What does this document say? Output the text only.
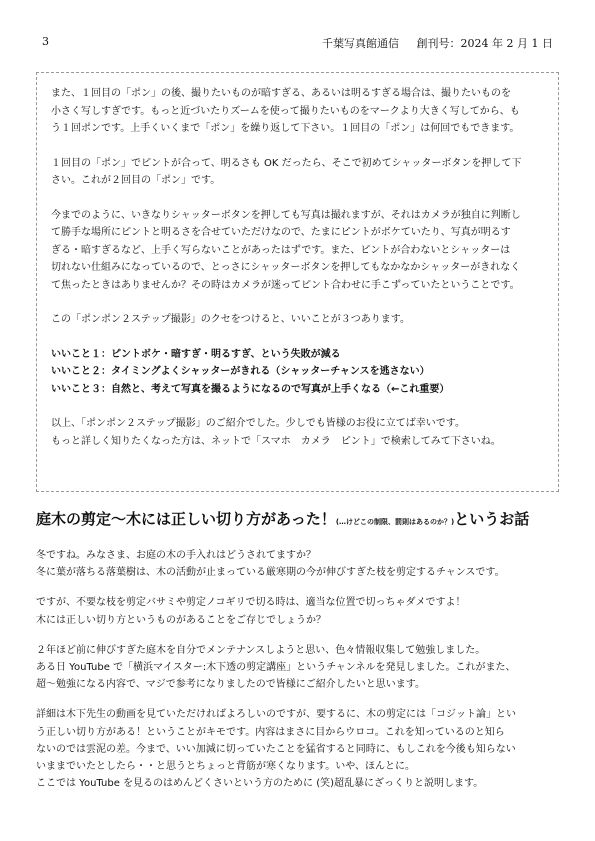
3	千葉写真館通信 創刊号：2024 年 2 月 1 日

また、１回目の「ポン」の後、撮りたいものが暗すぎる、あるいは明るすぎる場合は、撮りたいものを

小さく写しすぎです。もっと近づいたりズームを使って撮りたいものをマークより大きく写してから、も

う１回ポンです。上手くいくまで「ポン」を繰り返して下さい。１回目の「ポン」は何回でもできます。

１回目の「ポン」でピントが合って、明るさも OK だったら、そこで初めてシャッターボタンを押して下

さい。これが２回目の「ポン」です。

今までのように、いきなりシャッターボタンを押しても写真は撮れますが、それはカメラが独自に判断し

て勝手な場所にピントと明るさを合せていただけなので、たまにピントがボケていたり、写真が明るす

ぎる・暗すぎるなど、上手く写らないことがあったはずです。また、ピントが合わないとシャッターは

切れない仕組みになっているので、とっさにシャッターボタンを押してもなかなかシャッターがきれなく

て焦ったときはありませんか？その時はカメラが迷ってピント合わせに手こずっていたということです。

この「ポンポン２ステップ撮影」のクセをつけると、いいことが３つあります。

いいこと１：ピントボケ・暗すぎ・明るすぎ、という失敗が減る

いいこと２：タイミングよくシャッターがきれる（シャッターチャンスを逃さない）

いいこと３：自然と、考えて写真を撮るようになるので写真が上手くなる（←これ重要）

以上、「ポンポン２ステップ撮影」のご紹介でした。少しでも皆様のお役に立てば幸いです。

もっと詳しく知りたくなった方は、ネットで「スマホ　カメラ　ピント」で検索してみて下さいね。

庭木の剪定～木には正しい切り方があった！(…けどこの制限、罰則はあるのか？)というお話

冬ですね。みなさま、お庭の木の手入れはどうされてますか？

冬に葉が落ちる落葉樹は、木の活動が止まっている厳寒期の今が伸びすぎた枝を剪定するチャンスです。

ですが、不要な枝を剪定バサミや剪定ノコギリで切る時は、適当な位置で切っちゃダメですよ！

木には正しい切り方というものがあることをご存じでしょうか？

２年ほど前に伸びすぎた庭木を自分でメンテナンスしようと思い、色々情報収集して勉強しました。

ある日 YouTube で「横浜マイスター:木下透の剪定講座」というチャンネルを発見しました。これがまた、

超～勉強になる内容で、マジで参考になりましたので皆様にご紹介したいと思います。

詳細は木下先生の動画を見ていただければよろしいのですが、要するに、木の剪定には「コジット論」とい

う正しい切り方がある！ということがキモです。内容はまさに目からウロコ。これを知っているのと知ら

ないのでは雲泥の差。今まで、いい加減に切っていたことを猛省すると同時に、もしこれを今後も知らない

いままでいたとしたら・・と思うとちょっと背筋が寒くなります。いや、ほんとに。

ここでは YouTube を見るのはめんどくさいという方のために (笑)超乱暴にざっくりと説明します。
